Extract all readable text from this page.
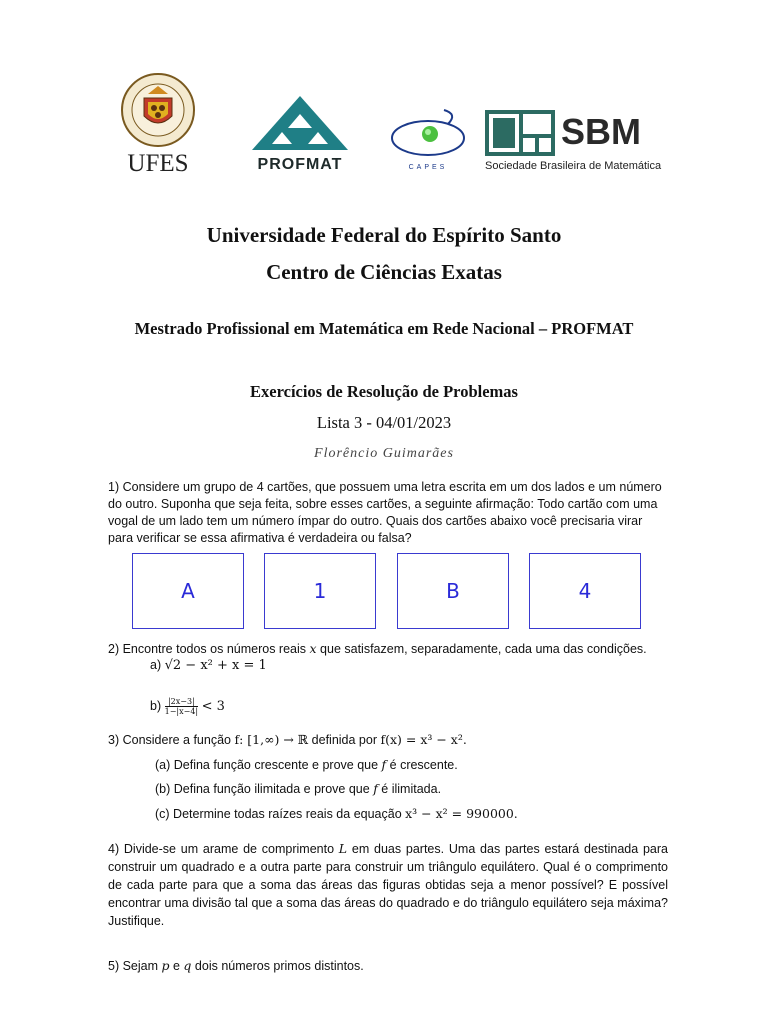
UFES	PROFMAT	CAPES
SBM
Sociedade Brasileira de Matemática
Universidade Federal do Espírito Santo
Centro de Ciências Exatas
Mestrado Profissional em Matemática em Rede Nacional – PROFMAT
Exercícios de Resolução de Problemas
Lista 3 - 04/01/2023
Florêncio Guimarães
1) Considere um grupo de 4 cartões, que possuem uma letra escrita em um dos lados e um número do outro. Suponha que seja feita, sobre esses cartões, a seguinte afirmação: Todo cartão com uma vogal de um lado tem um número ímpar do outro. Quais dos cartões abaixo você precisaria virar para verificar se essa afirmativa é verdadeira ou falsa?
A	1	B	4
2) Encontre todos os números reais x que satisfazem, separadamente, cada uma das condições.
a) √2 − x² + x = 1
$b) \frac{|2x-3|}{1-|x-4|} < 3$
3) Considere a função f: [1,∞) → ℝ definida por f(x) = x³ − x².
(a) Defina função crescente e prove que f é crescente.
(b) Defina função ilimitada e prove que f é ilimitada.
(c) Determine todas raízes reais da equação x³ − x² = 990000.
4) Divide-se um arame de comprimento L em duas partes. Uma das partes estará destinada para construir um quadrado e a outra parte para construir um triângulo equilátero. Qual é o comprimento de cada parte para que a soma das áreas das figuras obtidas seja a menor possível? E possível encontrar uma divisão tal que a soma das áreas do quadrado e do triângulo equilátero seja máxima? Justifique.
5) Sejam p e q dois números primos distintos.
